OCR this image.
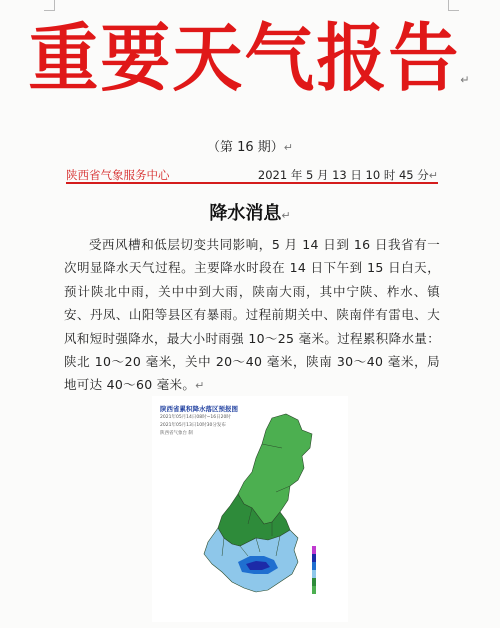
重要天气报告↵
（第 16 期）↵
陕西省气象服务中心	2021 年 5 月 13 日 10 时 45 分↵
降水消息↵
受西风槽和低层切变共同影响，5 月 14 日到 16 日我省有一次明显降水天气过程。主要降水时段在 14 日下午到 15 日白天，预计陕北中雨，关中中到大雨，陕南大雨，其中宁陕、柞水、镇安、丹凤、山阳等县区有暴雨。过程前期关中、陕南伴有雷电、大风和短时强降水，最大小时雨强 10～25 毫米。过程累积降水量：陕北 10～20 毫米，关中 20～40 毫米，陕南 30～40 毫米，局地可达 40～60 毫米。↵
陕西省累积降水落区预报图
2021年05月14日08时~16日20时
2021年05月13日10时30分发布
陕西省气象台 制
